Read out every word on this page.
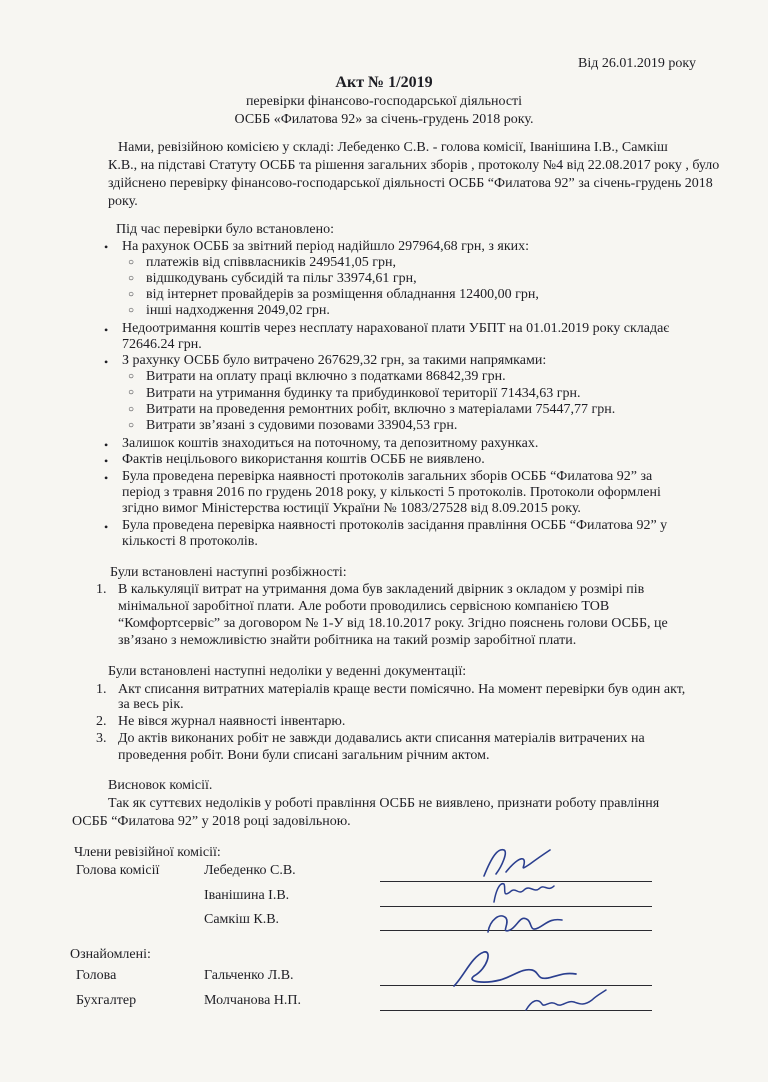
Від 26.01.2019 року
Акт № 1/2019
перевірки фінансово-господарської діяльності
ОСББ «Филатова 92» за січень-грудень 2018 року.
Нами, ревізійною комісією у складі: Лебеденко С.В. - голова комісії, Іванішина І.В., Самкіш
К.В., на підставі Статуту ОСББ та рішення загальних зборів , протоколу №4 від 22.08.2017 року , було
здійснено перевірку фінансово-господарської діяльності ОСББ “Филатова 92” за січень-грудень 2018
року.
Під час перевірки було встановлено:
• На рахунок ОСББ за звітний період надійшло 297964,68 грн, з яких:
○ платежів від співвласників 249541,05 грн,
○ відшкодувань субсидій та пільг 33974,61 грн,
○ від інтернет провайдерів за розміщення обладнання 12400,00 грн,
○ інші надходження 2049,02 грн.
• Недоотримання коштів через несплату нарахованої плати УБПТ на 01.01.2019 року складає
72646.24 грн.
• З рахунку ОСББ було витрачено 267629,32 грн, за такими напрямками:
○ Витрати на оплату праці включно з податками 86842,39 грн.
○ Витрати на утримання будинку та прибудинкової території 71434,63 грн.
○ Витрати на проведення ремонтних робіт, включно з матеріалами 75447,77 грн.
○ Витрати зв’язані з судовими позовами 33904,53 грн.
• Залишок коштів знаходиться на поточному, та депозитному рахунках.
• Фактів нецільового використання коштів ОСББ не виявлено.
• Була проведена перевірка наявності протоколів загальних зборів ОСББ “Филатова 92” за
період з травня 2016 по грудень 2018 року, у кількості 5 протоколів. Протоколи оформлені
згідно вимог Міністерства юстиції України № 1083/27528 від 8.09.2015 року.
• Була проведена перевірка наявності протоколів засідання правління ОСББ “Филатова 92” у
кількості 8 протоколів.
Були встановлені наступні розбіжності:
1. В калькуляції витрат на утримання дома був закладений двірник з окладом у розмірі пів
мінімальної заробітної плати. Але роботи проводились сервісною компанією ТОВ
“Комфортсервіс” за договором № 1-У від 18.10.2017 року. Згідно пояснень голови ОСББ, це
зв’язано з неможливістю знайти робітника на такий розмір заробітної плати.
Були встановлені наступні недоліки у веденні документації:
1. Акт списання витратних матеріалів краще вести помісячно. На момент перевірки був один акт,
за весь рік.
2. Не вівся журнал наявності інвентарю.
3. До актів виконаних робіт не завжди додавались акти списання матеріалів витрачених на
проведення робіт. Вони були списані загальним річним актом.
Висновок комісії.
Так як суттєвих недоліків у роботі правління ОСББ не виявлено, признати роботу правління
ОСББ “Филатова 92” у 2018 році задовільною.
Члени ревізійної комісії:
Голова комісії	Лебеденко С.В.
Іванішина І.В.
Самкіш К.В.
Ознайомлені:
Голова	Гальченко Л.В.
Бухгалтер	Молчанова Н.П.
